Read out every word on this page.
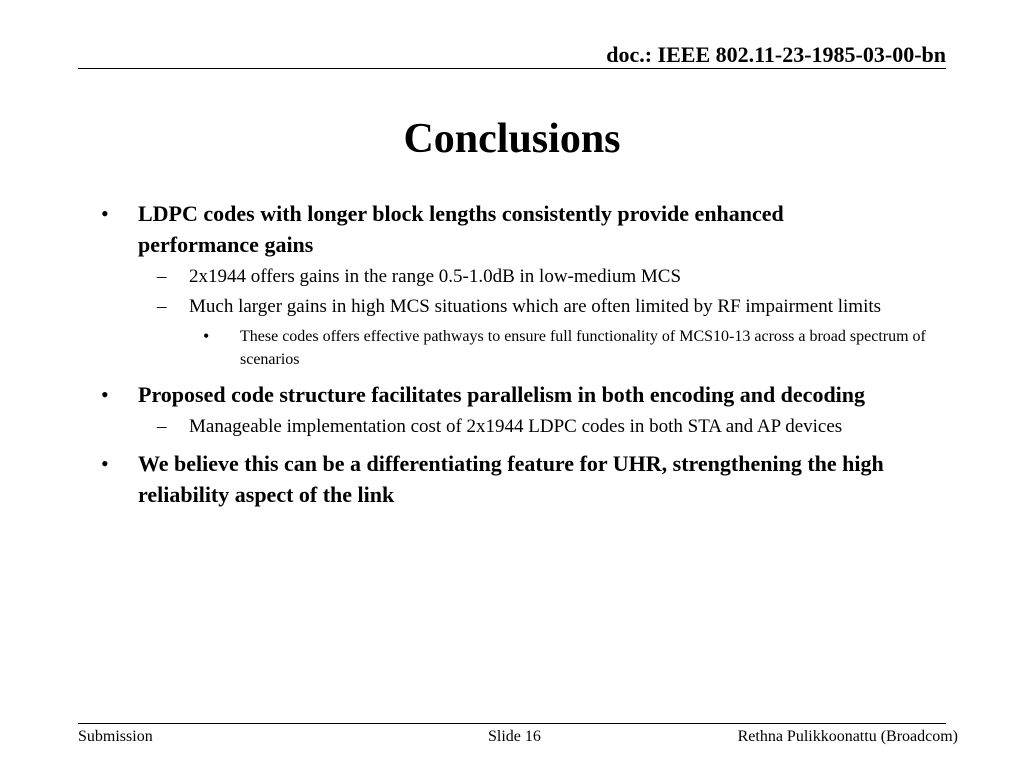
doc.: IEEE 802.11-23-1985-03-00-bn
Conclusions
• LDPC codes with longer block lengths consistently provide enhanced performance gains
– 2x1944 offers gains in the range 0.5-1.0dB in low-medium MCS
– Much larger gains in high MCS situations which are often limited by RF impairment limits
• These codes offers effective pathways to ensure full functionality of MCS10-13 across a broad spectrum of scenarios
• Proposed code structure facilitates parallelism in both encoding and decoding
– Manageable implementation cost of 2x1944 LDPC codes in both STA and AP devices
• We believe this can be a differentiating feature for UHR, strengthening the high reliability aspect of the link
Submission	Slide 16	Rethna Pulikkoonattu (Broadcom)
